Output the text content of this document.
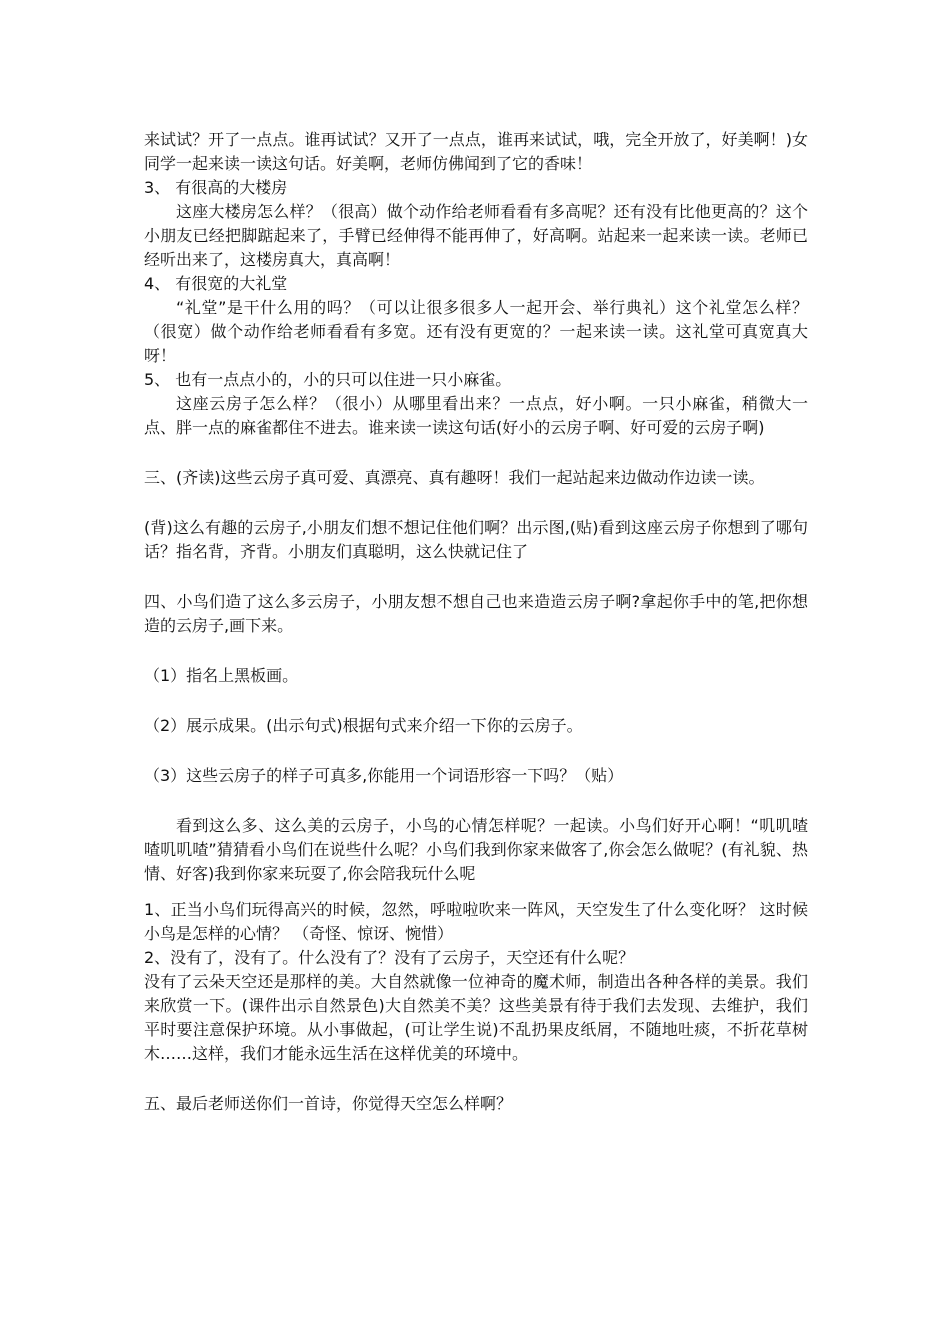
来试试？开了一点点。谁再试试？又开了一点点，谁再来试试，哦，完全开放了，好美啊！)女同学一起来读一读这句话。好美啊，老师仿佛闻到了它的香味！

3、 有很高的大楼房

这座大楼房怎么样？（很高）做个动作给老师看看有多高呢？还有没有比他更高的？这个小朋友已经把脚踮起来了，手臂已经伸得不能再伸了，好高啊。站起来一起来读一读。老师已经听出来了，这楼房真大，真高啊！

4、 有很宽的大礼堂

“礼堂”是干什么用的吗？（可以让很多很多人一起开会、举行典礼）这个礼堂怎么样？（很宽）做个动作给老师看看有多宽。还有没有更宽的？一起来读一读。这礼堂可真宽真大呀！

5、 也有一点点小的，小的只可以住进一只小麻雀。

这座云房子怎么样？（很小）从哪里看出来？一点点，好小啊。一只小麻雀，稍微大一点、胖一点的麻雀都住不进去。谁来读一读这句话(好小的云房子啊、好可爱的云房子啊)

三、(齐读)这些云房子真可爱、真漂亮、真有趣呀！我们一起站起来边做动作边读一读。

(背)这么有趣的云房子,小朋友们想不想记住他们啊？出示图,(贴)看到这座云房子你想到了哪句话？指名背，齐背。小朋友们真聪明，这么快就记住了

四、小鸟们造了这么多云房子，小朋友想不想自己也来造造云房子啊?拿起你手中的笔,把你想造的云房子,画下来。

（1）指名上黑板画。

（2）展示成果。(出示句式)根据句式来介绍一下你的云房子。

（3）这些云房子的样子可真多,你能用一个词语形容一下吗？（贴）

看到这么多、这么美的云房子，小鸟的心情怎样呢？一起读。小鸟们好开心啊！“叽叽喳喳叽叽喳”猜猜看小鸟们在说些什么呢？小鸟们我到你家来做客了,你会怎么做呢？(有礼貌、热情、好客)我到你家来玩耍了,你会陪我玩什么呢

1、正当小鸟们玩得高兴的时候，忽然，呼啦啦吹来一阵风，天空发生了什么变化呀？ 这时候小鸟是怎样的心情？ （奇怪、惊讶、惋惜）

2、没有了，没有了。什么没有了？没有了云房子，天空还有什么呢？

没有了云朵天空还是那样的美。大自然就像一位神奇的魔术师，制造出各种各样的美景。我们来欣赏一下。(课件出示自然景色)大自然美不美？这些美景有待于我们去发现、去维护，我们平时要注意保护环境。从小事做起，(可让学生说)不乱扔果皮纸屑，不随地吐痰，不折花草树木……这样，我们才能永远生活在这样优美的环境中。

五、最后老师送你们一首诗，你觉得天空怎么样啊？
